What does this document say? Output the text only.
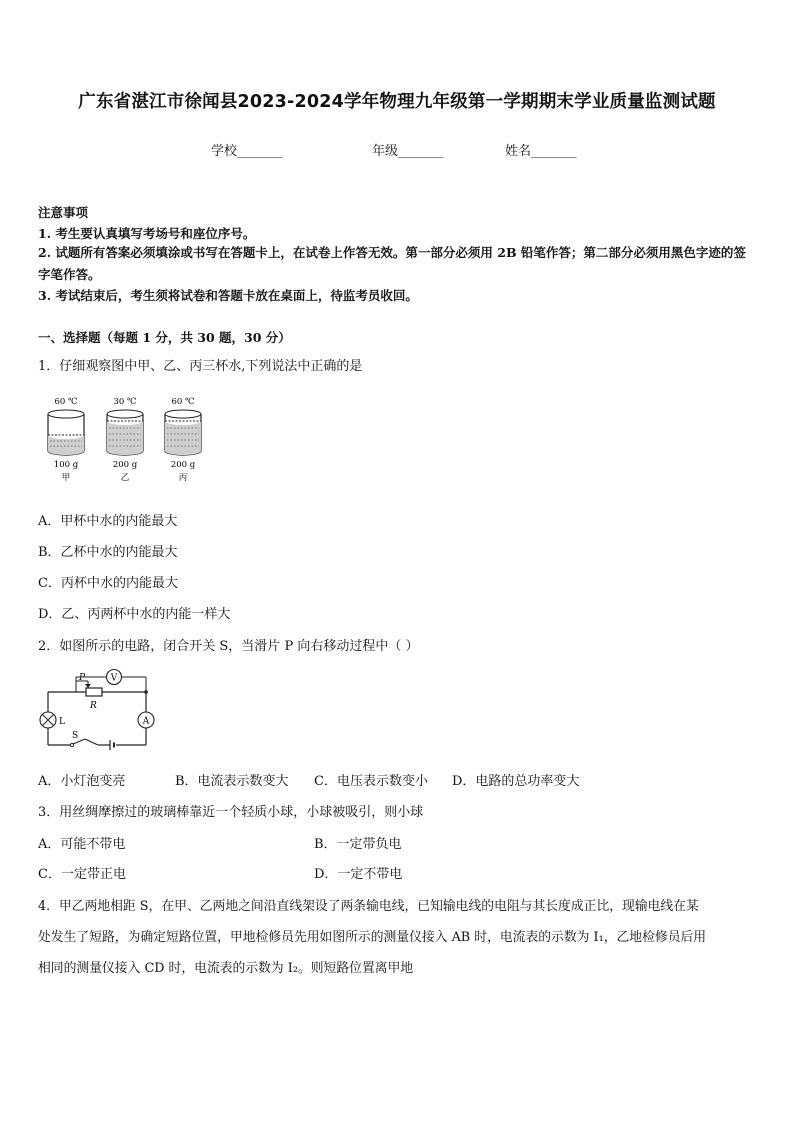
广东省湛江市徐闻县2023-2024学年物理九年级第一学期期末学业质量监测试题
学校_______	年级_______	姓名_______
注意事项
1. 考生要认真填写考场号和座位序号。
2. 试题所有答案必须填涂或书写在答题卡上，在试卷上作答无效。第一部分必须用 2B 铅笔作答；第二部分必须用黑色字迹的签字笔作答。
3. 考试结束后，考生须将试卷和答题卡放在桌面上，待监考员收回。
一、选择题（每题 1 分，共 30 题，30 分）
1．仔细观察图中甲、乙、丙三杯水,下列说法中正确的是
60 ℃
100 g
甲
30 ℃
200 g
乙
60 ℃
200 g
丙
A．甲杯中水的内能最大
B．乙杯中水的内能最大
C．丙杯中水的内能最大
D．乙、丙两杯中水的内能一样大
2．如图所示的电路，闭合开关 S，当滑片 P 向右移动过程中（ ）
R
P	V
L	A
S
A．小灯泡变亮	B．电流表示数变大 C．电压表示数变小 D．电路的总功率变大
3．用丝绸摩擦过的玻璃棒靠近一个轻质小球，小球被吸引，则小球
A．可能不带电	B．一定带负电
C．一定带正电	D．一定不带电
4．甲乙两地相距 S，在甲、乙两地之间沿直线架设了两条输电线，已知输电线的电阻与其长度成正比，现输电线在某
处发生了短路，为确定短路位置，甲地检修员先用如图所示的测量仪接入 AB 时，电流表的示数为 I₁，乙地检修员后用
相同的测量仪接入 CD 时，电流表的示数为 I₂。则短路位置离甲地
